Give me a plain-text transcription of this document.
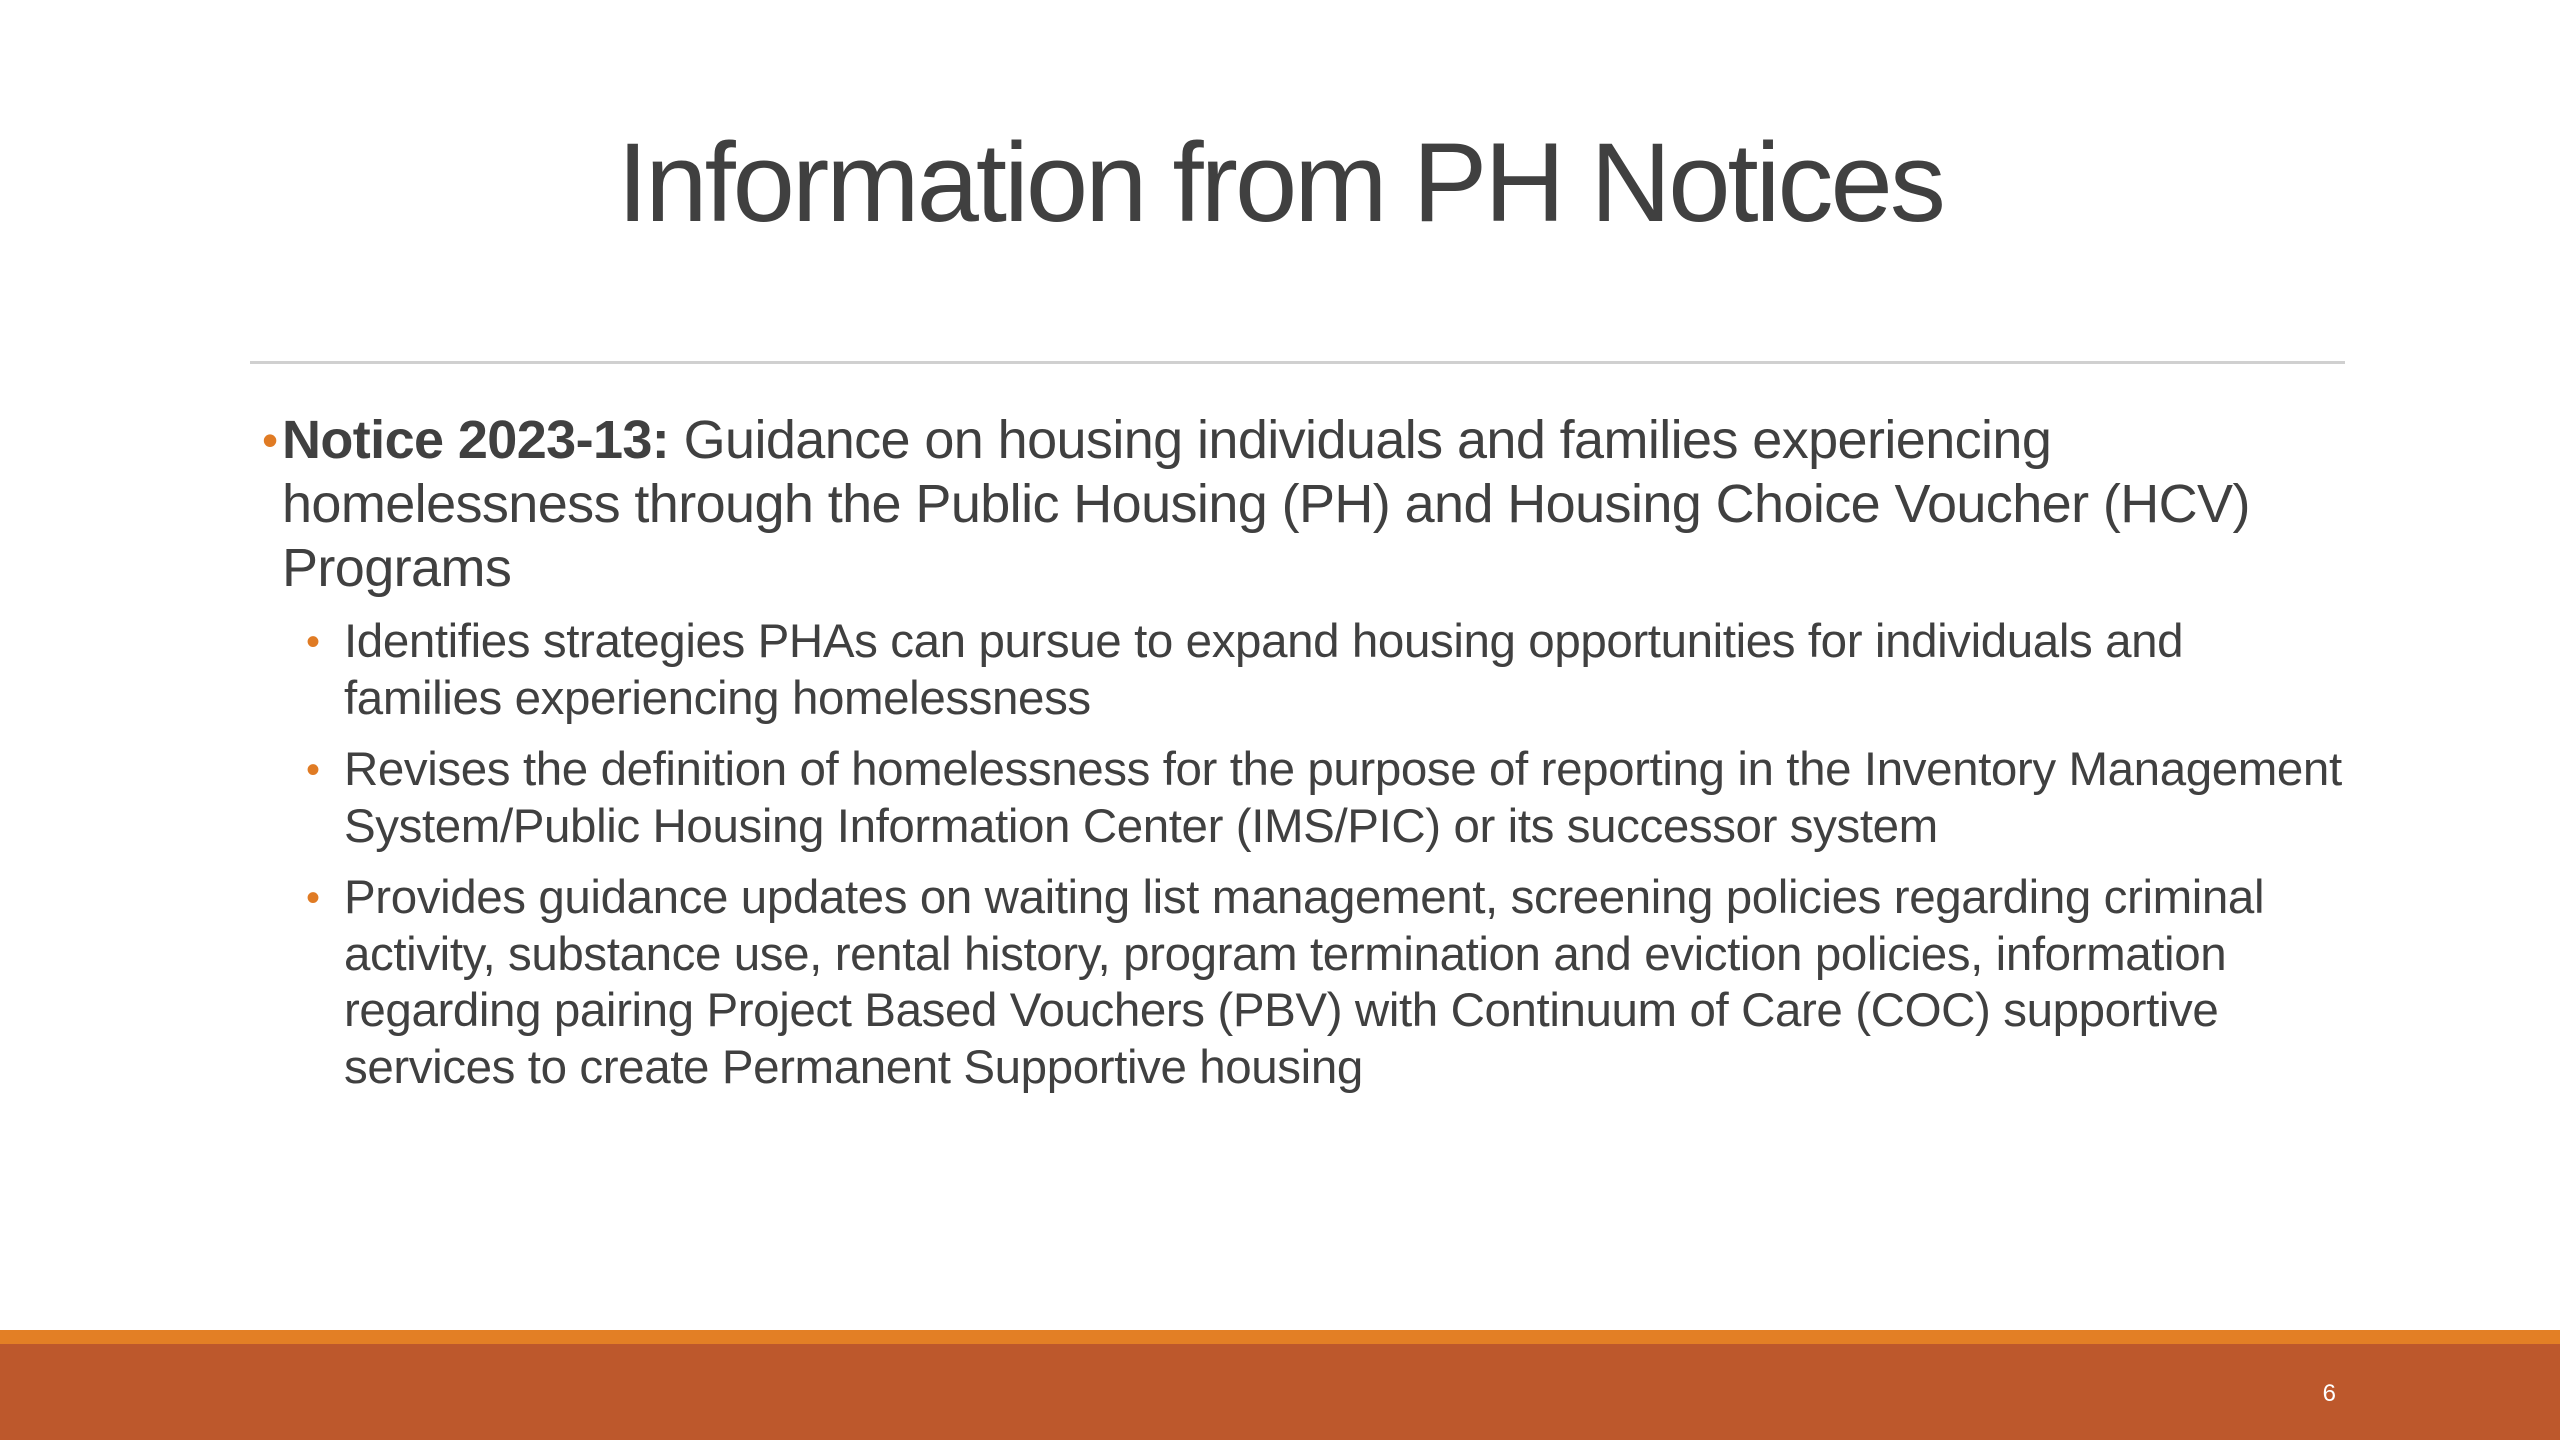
Information from PH Notices
• Notice 2023-13: Guidance on housing individuals and families experiencing homelessness through the Public Housing (PH) and Housing Choice Voucher (HCV) Programs
• Identifies strategies PHAs can pursue to expand housing opportunities for individuals and families experiencing homelessness
• Revises the definition of homelessness for the purpose of reporting in the Inventory Management System/Public Housing Information Center (IMS/PIC) or its successor system
• Provides guidance updates on waiting list management, screening policies regarding criminal activity, substance use, rental history, program termination and eviction policies, information regarding pairing Project Based Vouchers (PBV) with Continuum of Care (COC) supportive services to create Permanent Supportive housing
6
